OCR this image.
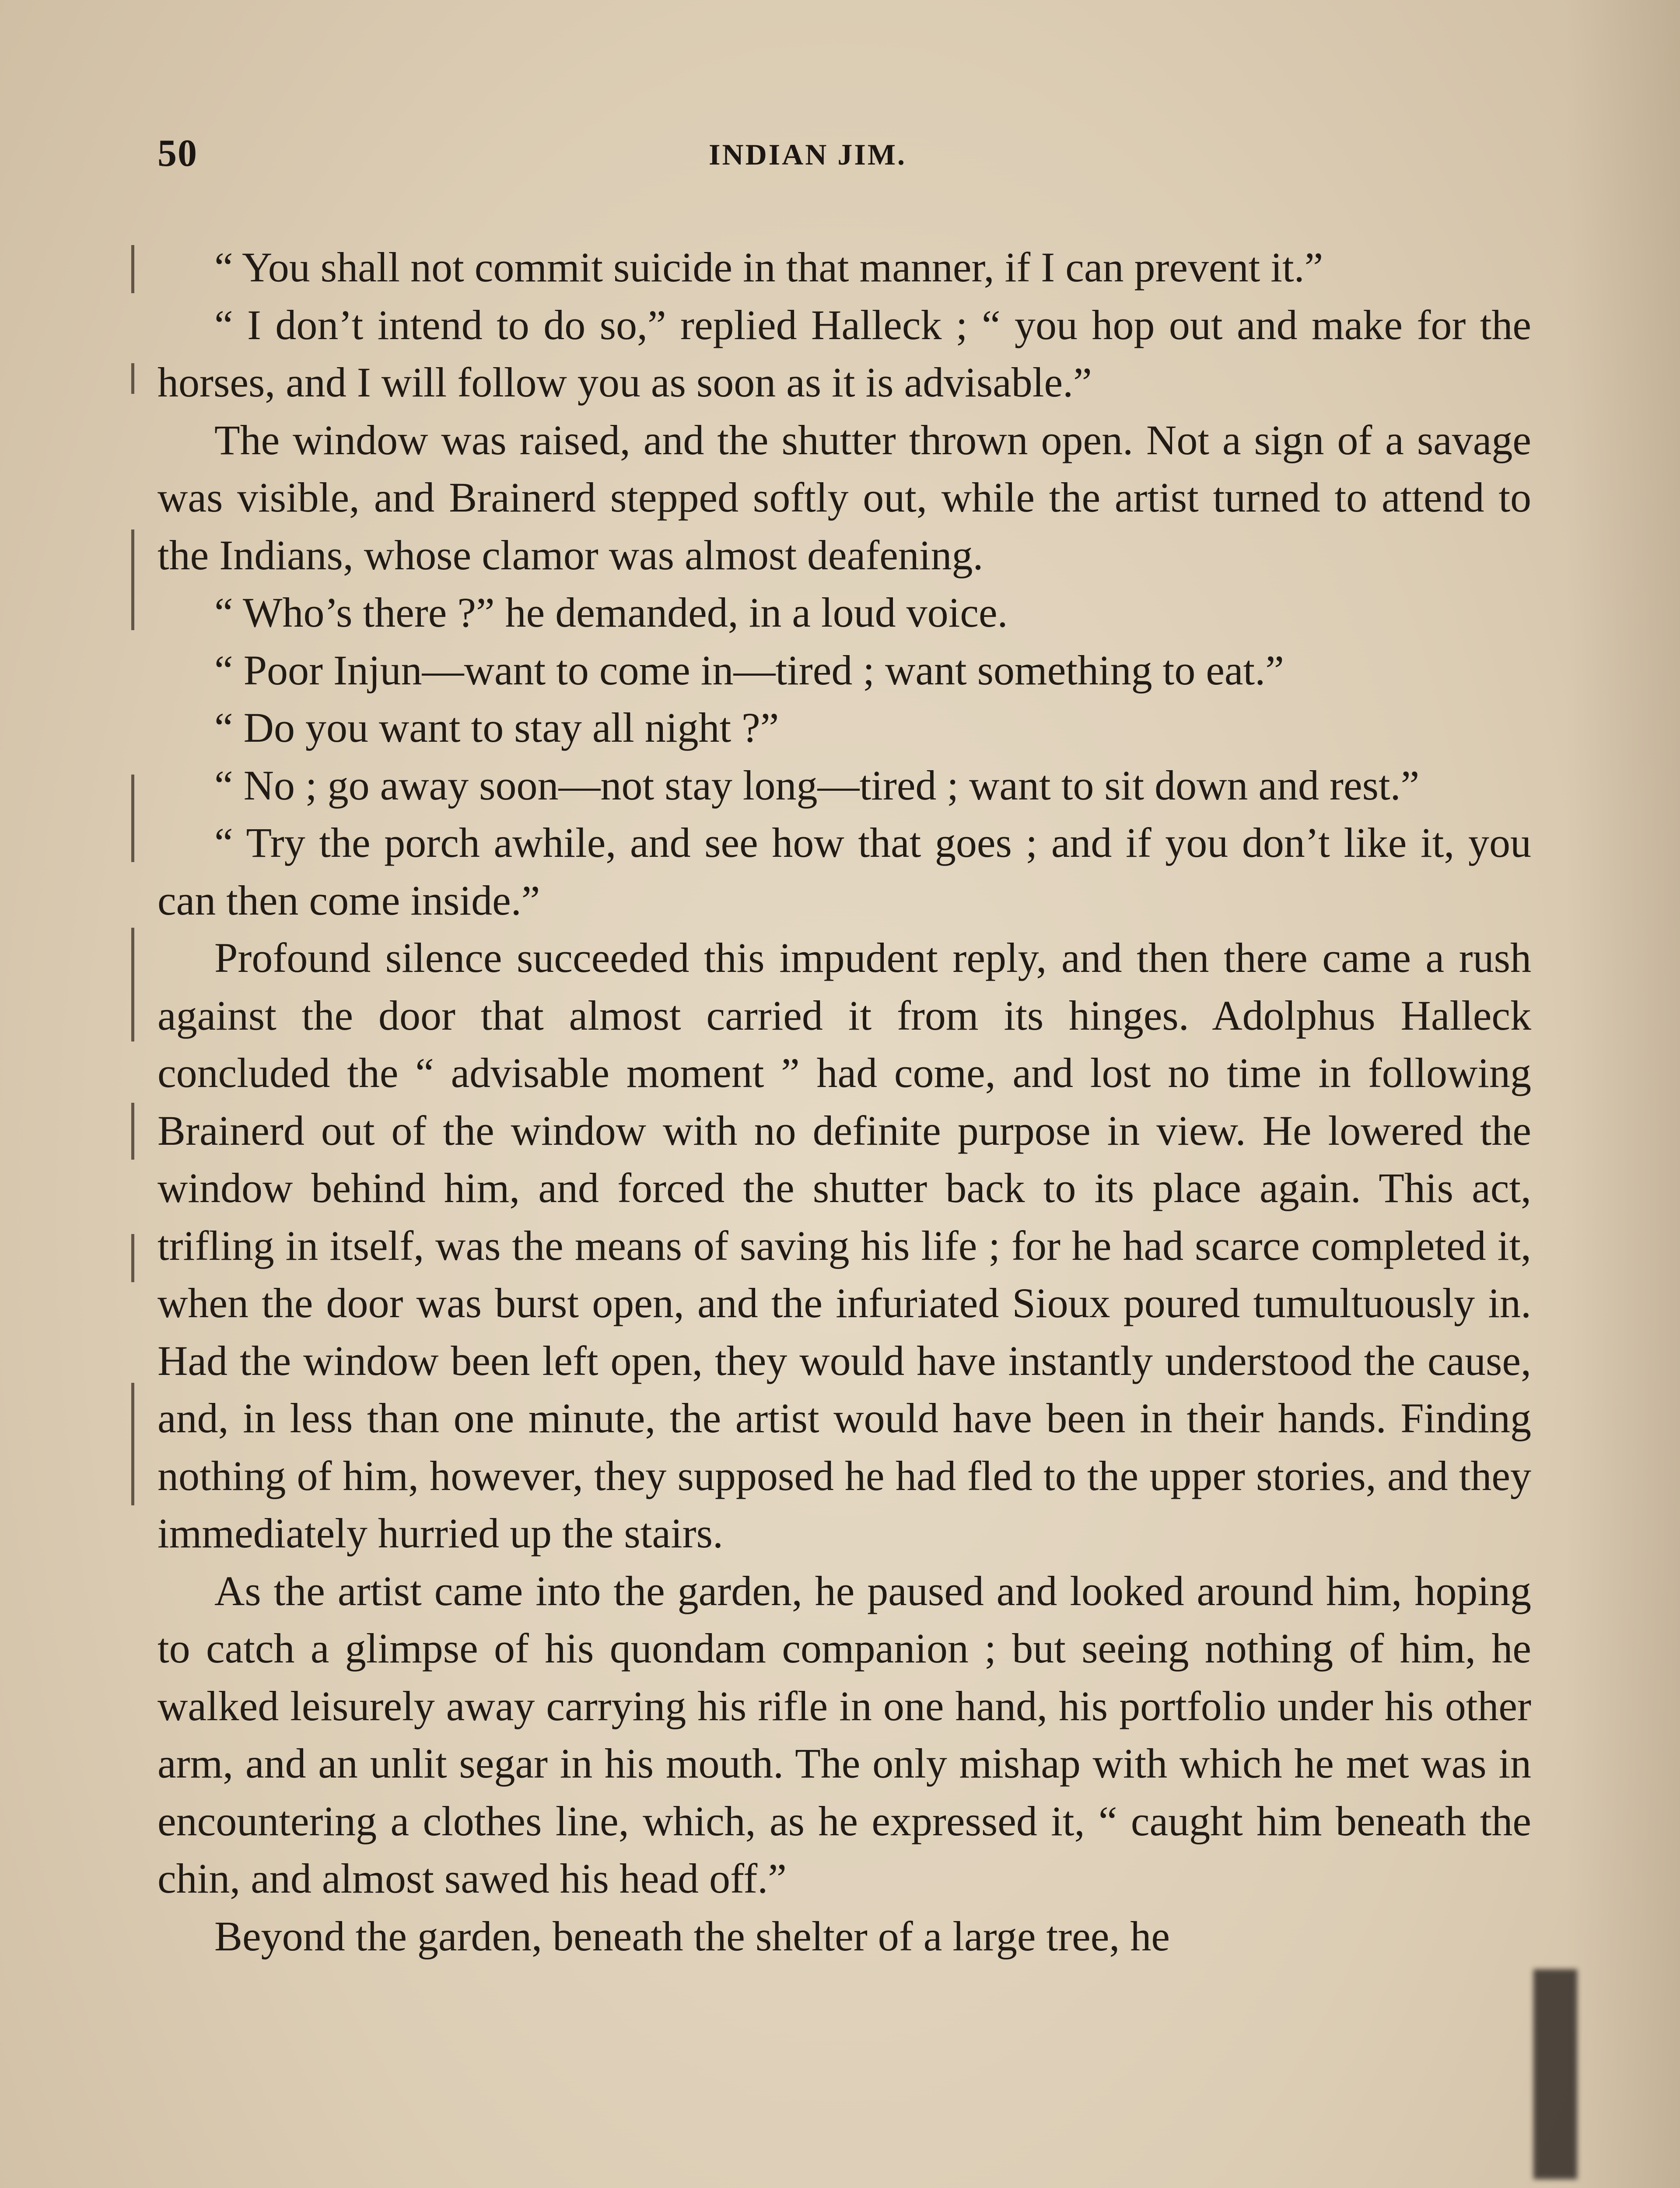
50	INDIAN JIM.

“ You shall not commit suicide in that manner, if I can prevent it.”

“ I don’t intend to do so,” replied Halleck ; “ you hop out and make for the horses, and I will follow you as soon as it is advisable.”

The window was raised, and the shutter thrown open. Not a sign of a savage was visible, and Brainerd stepped softly out, while the artist turned to attend to the Indians, whose clamor was almost deafening.

“ Who’s there ?” he demanded, in a loud voice.

“ Poor Injun—want to come in—tired ; want something to eat.”

“ Do you want to stay all night ?”

“ No ; go away soon—not stay long—tired ; want to sit down and rest.”

“ Try the porch awhile, and see how that goes ; and if you don’t like it, you can then come inside.”

Profound silence succeeded this impudent reply, and then there came a rush against the door that almost carried it from its hinges. Adolphus Halleck concluded the “ advisable moment ” had come, and lost no time in following Brainerd out of the window with no definite purpose in view. He lowered the window behind him, and forced the shutter back to its place again. This act, trifling in itself, was the means of saving his life ; for he had scarce completed it, when the door was burst open, and the infuriated Sioux poured tumultuously in. Had the window been left open, they would have instantly understood the cause, and, in less than one minute, the artist would have been in their hands. Finding nothing of him, however, they supposed he had fled to the upper stories, and they immediately hurried up the stairs.

As the artist came into the garden, he paused and looked around him, hoping to catch a glimpse of his quondam companion ; but seeing nothing of him, he walked leisurely away carrying his rifle in one hand, his portfolio under his other arm, and an unlit segar in his mouth. The only mishap with which he met was in encountering a clothes line, which, as he expressed it, “ caught him beneath the chin, and almost sawed his head off.”

Beyond the garden, beneath the shelter of a large tree, he
